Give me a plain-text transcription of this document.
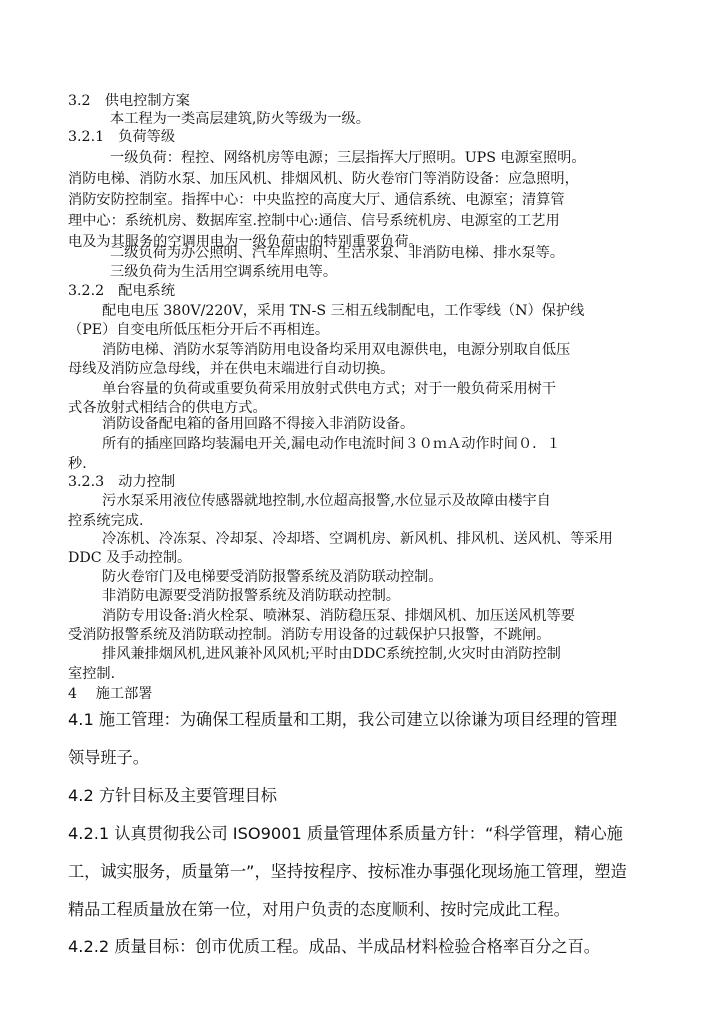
3.2　供电控制方案
本工程为一类高层建筑,防火等级为一级。
3.2.1　负荷等级
一级负荷：程控、网络机房等电源；三层指挥大厅照明。UPS 电源室照明。
消防电梯、消防水泵、加压风机、排烟风机、防火卷帘门等消防设备：应急照明，
消防安防控制室。指挥中心：中央监控的高度大厅、通信系统、电源室；清算管
理中心：系统机房、数据库室.控制中心:通信、信号系统机房、电源室的工艺用
电及为其服务的空调用电为一级负荷中的特别重要负荷。
二级负荷为办公照明、汽车库照明、生活水泵、非消防电梯、排水泵等。
三级负荷为生活用空调系统用电等。
3.2.2　配电系统
配电电压 380V/220V，采用 TN-S 三相五线制配电，工作零线（N）保护线
（PE）自变电所低压柜分开后不再相连。
消防电梯、消防水泵等消防用电设备均采用双电源供电，电源分别取自低压
母线及消防应急母线，并在供电末端进行自动切换。
单台容量的负荷或重要负荷采用放射式供电方式；对于一般负荷采用树干
式各放射式相结合的供电方式。
消防设备配电箱的备用回路不得接入非消防设备。
所有的插座回路均装漏电开关,漏电动作电流时间３０ｍＡ动作时间０．１
秒.
3.2.3　动力控制
污水泵采用液位传感器就地控制,水位超高报警,水位显示及故障由楼宇自
控系统完成.
冷冻机、冷冻泵、冷却泵、冷却塔、空调机房、新风机、排风机、送风机、等采用
DDC 及手动控制。
防火卷帘门及电梯要受消防报警系统及消防联动控制。
非消防电源要受消防报警系统及消防联动控制。
消防专用设备:消火栓泵、喷淋泵、消防稳压泵、排烟风机、加压送风机等要
受消防报警系统及消防联动控制。消防专用设备的过载保护只报警，不跳闸。
排风兼排烟风机,进风兼补风风机;平时由DDC系统控制,火灾时由消防控制
室控制.
4　 施工部署
4.1 施工管理：为确保工程质量和工期，我公司建立以徐谦为项目经理的管理
领导班子。
4.2 方针目标及主要管理目标
4.2.1 认真贯彻我公司 ISO9001 质量管理体系质量方针：“科学管理，精心施
工，诚实服务，质量第一”，坚持按程序、按标准办事强化现场施工管理，塑造
精品工程质量放在第一位，对用户负责的态度顺利、按时完成此工程。
4.2.2 质量目标：创市优质工程。成品、半成品材料检验合格率百分之百。
